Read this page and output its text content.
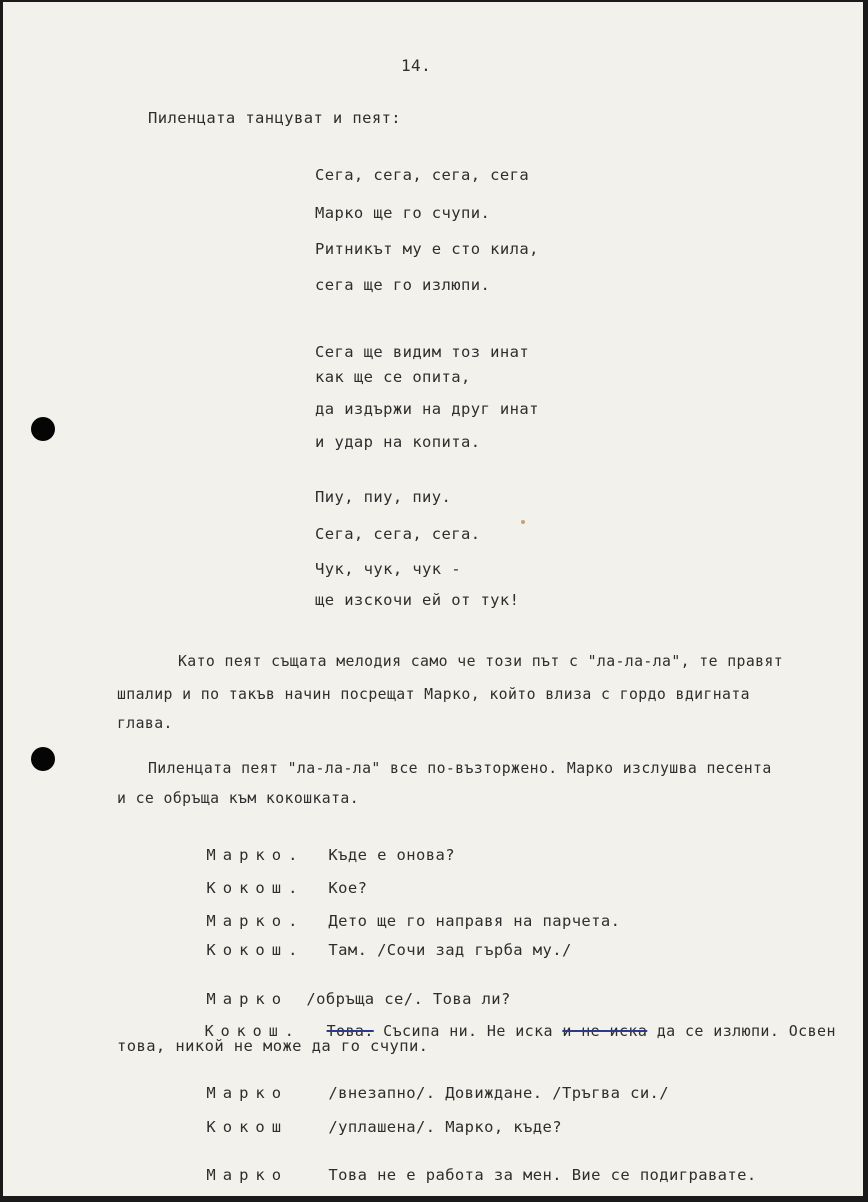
14.
Пиленцата танцуват и пеят:
Сега, сега, сега, сега
Марко ще го счупи.
Ритникът му е сто кила,
сега ще го излюпи.
Сега ще видим тоз инат
как ще се опита,
да издържи на друг инат
и удар на копита.
Пиу, пиу, пиу.
Сега, сега, сега.
Чук, чук, чук -
ще изскочи ей от тук!
Като пеят същата мелодия само че този път с "ла-ла-ла", те правят
шпалир и по такъв начин посрещат Марко, който влиза с гордо вдигната
глава.
Пиленцата пеят "ла-ла-ла" все по-възторжено. Марко изслушва песента
и се обръща към кокошката.

Марко. Къде е онова?

Кокош. Кое?

Марко. Дето ще го направя на парчета.

Кокош. Там. /Сочи зад гърба му./

Марко /обръща се/. Това ли?

Кокош. Това. Съсипа ни. Не иска и не иска да се излюпи. Освен

това, никой не може да го счупи.

Марко	/внезапно/. Довиждане. /Тръгва си./

Кокош	/уплашена/. Марко, къде?

Марко	Това не е работа за мен. Вие се подигравате.
